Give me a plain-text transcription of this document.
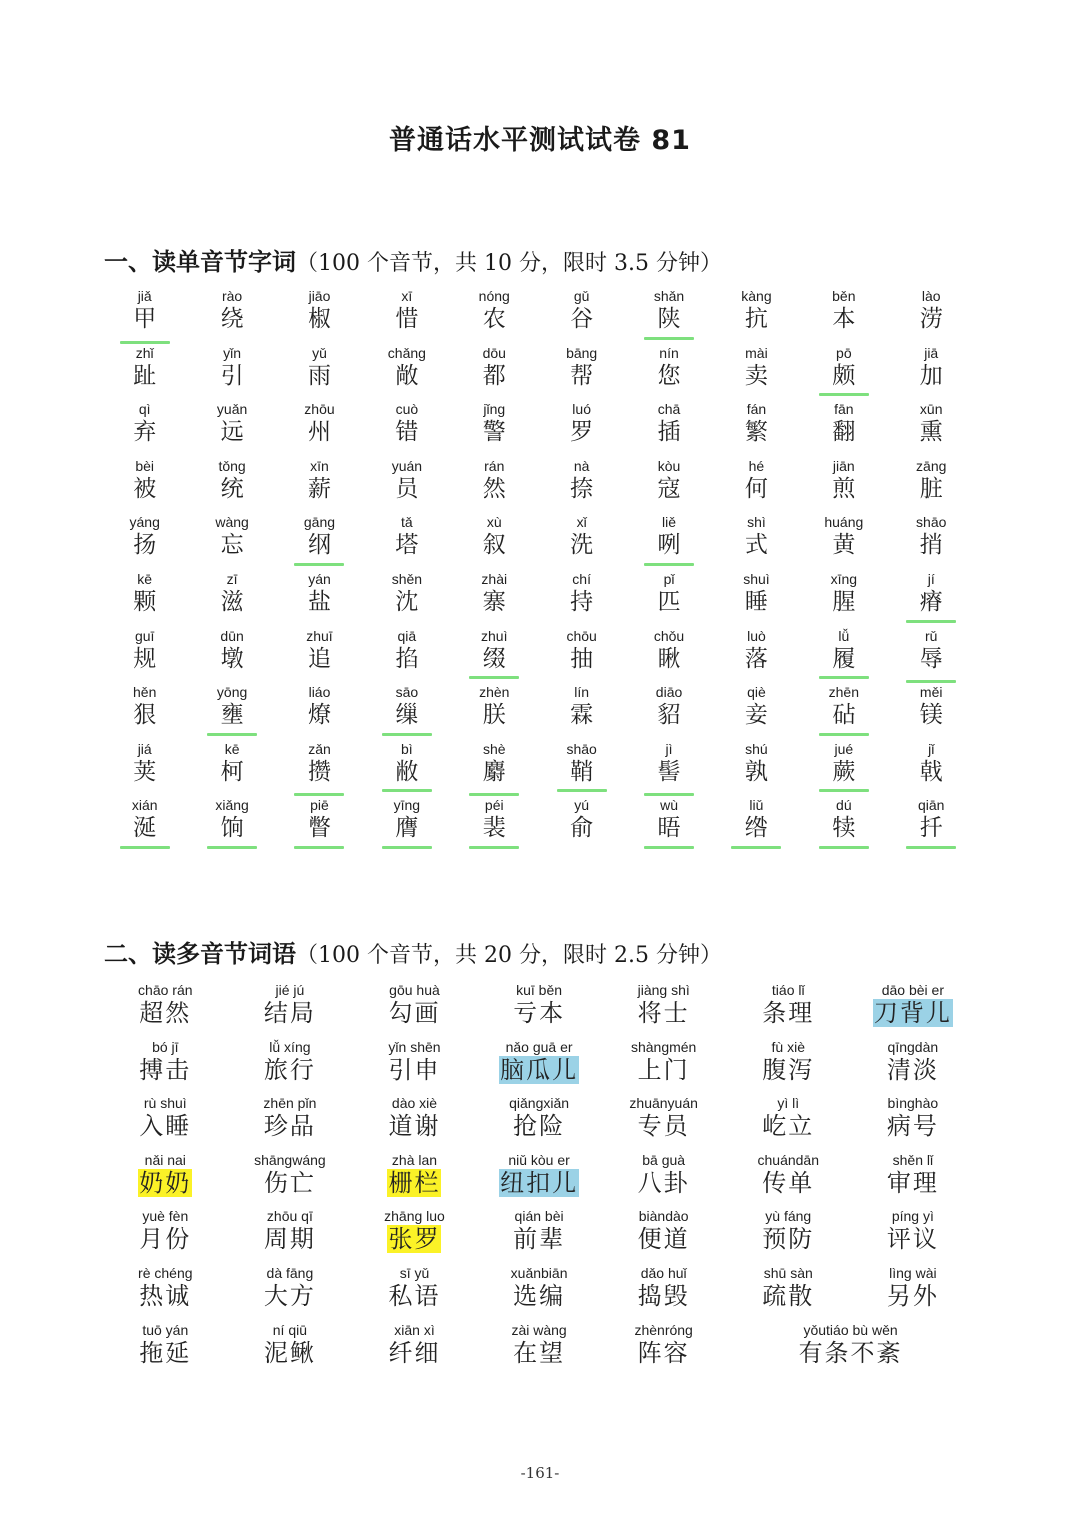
普通话水平测试试卷 81
一、读单音节字词（100 个音节，共 10 分，限时 3.5 分钟）
jiǎ
甲
rào
绕
jiāo
椒
xī
惜
nóng
农
gǔ
谷
shǎn
陕
kàng
抗
běn
本
lào
涝
zhǐ
趾
yǐn
引
yǔ
雨
chǎng
敞
dōu
都
bāng
帮
nín
您
mài
卖
pō
颇
jiā
加
qì
弃
yuǎn
远
zhōu
州
cuò
错
jǐng
警
luó
罗
chā
插
fán
繁
fān
翻
xūn
熏
bèi
被
tǒng
统
xīn
薪
yuán
员
rán
然
nà
捺
kòu
寇
hé
何
jiān
煎
zāng
脏
yáng
扬
wàng
忘
gāng
纲
tǎ
塔
xù
叙
xǐ
洗
liě
咧
shì
式
huáng
黄
shāo
捎
kē
颗
zī
滋
yán
盐
shěn
沈
zhài
寨
chí
持
pǐ
匹
shuì
睡
xīng
腥
jí
瘠
guī
规
dūn
墩
zhuī
追
qiā
掐
zhuì
缀
chōu
抽
chǒu
瞅
luò
落
lǚ
履
rǔ
辱
hěn
狠
yōng
壅
liáo
燎
sāo
缫
zhèn
朕
lín
霖
diāo
貂
qiè
妾
zhēn
砧
měi
镁
jiá
荚
kē
柯
zǎn
攒
bì
敝
shè
麝
shāo
鞘
jì
髻
shú
孰
jué
蕨
jǐ
戟
xián
涎
xiǎng
饷
piē
瞥
yīng
膺
péi
裴
yú
俞
wù
晤
liǔ
绺
dú
犊
qiān
扦
二、读多音节词语（100 个音节，共 20 分，限时 2.5 分钟）
chāo rán
超然
jié jú
结局
gōu huà
勾画
kuī běn
亏本
jiàng shì
将士
tiáo lǐ
条理
dāo bèi er
刀背儿
bó jī
搏击
lǚ xíng
旅行
yǐn shēn
引申
nǎo guā er
脑瓜儿
shàngmén
上门
fù xiè
腹泻
qīngdàn
清淡
rù shuì
入睡
zhēn pǐn
珍品
dào xiè
道谢
qiǎngxiǎn
抢险
zhuānyuán
专员
yì lì
屹立
bìnghào
病号
nǎi nai
奶奶
shāngwáng
伤亡
zhà lan
栅栏
niǔ kòu er
纽扣儿
bā guà
八卦
chuándān
传单
shěn lǐ
审理
yuè fèn
月份
zhōu qī
周期
zhāng luo
张罗
qián bèi
前辈
biàndào
便道
yù fáng
预防
píng yì
评议
rè chéng
热诚
dà fāng
大方
sī yǔ
私语
xuǎnbiān
选编
dǎo huǐ
捣毁
shū sàn
疏散
lìng wài
另外
tuō yán
拖延
ní qiū
泥鳅
xiān xì
纤细
zài wàng
在望
zhènróng
阵容
yǒutiáo bù wěn
有条不紊
-161-
